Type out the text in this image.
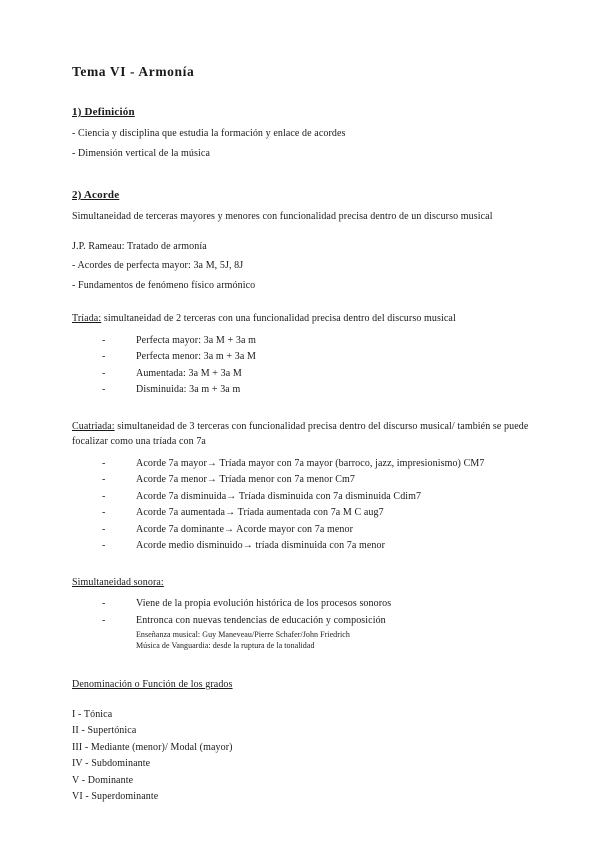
Tema VI - Armonía
1) Definición

- Ciencia y disciplina que estudia la formación y enlace de acordes

- Dimensión vertical de la música

2) Acorde

Simultaneidad de terceras mayores y menores con funcionalidad precisa dentro de un discurso musical

J.P. Rameau: Tratado de armonía

- Acordes de perfecta mayor: 3a M, 5J, 8J

- Fundamentos de fenómeno físico armónico

Tríada: simultaneidad de 2 terceras con una funcionalidad precisa dentro del discurso musical

-	Perfecta mayor: 3a M + 3a m
-	Perfecta menor: 3a m + 3a M
-	Aumentada: 3a M + 3a M
-	Disminuida: 3a m + 3a m

Cuatriada: simultaneidad de 3 terceras con funcionalidad precisa dentro del discurso musical/ también se puede focalizar como una tríada con 7a

-	Acorde 7a mayor→ Tríada mayor con 7a mayor (barroco, jazz, impresionismo) CM7
-	Acorde 7a menor→ Tríada menor con 7a menor Cm7
-	Acorde 7a disminuida→ Tríada disminuida con 7a disminuida Cdim7
-	Acorde 7a aumentada→ Tríada aumentada con 7a M C aug7
-	Acorde 7a dominante→ Acorde mayor con 7a menor
-	Acorde medio disminuido→ tríada disminuida con 7a menor

Simultaneidad sonora:

-	Viene de la propia evolución histórica de los procesos sonoros
-	Entronca con nuevas tendencias de educación y composición

Enseñanza musical: Guy Maneveau/Pierre Schafer/John Friedrich

Música de Vanguardia: desde la ruptura de la tonalidad

Denominación o Función de los grados

I - Tónica

II - Supertónica

III - Mediante (menor)/ Modal (mayor)

IV - Subdominante

V - Dominante

VI - Superdominante
